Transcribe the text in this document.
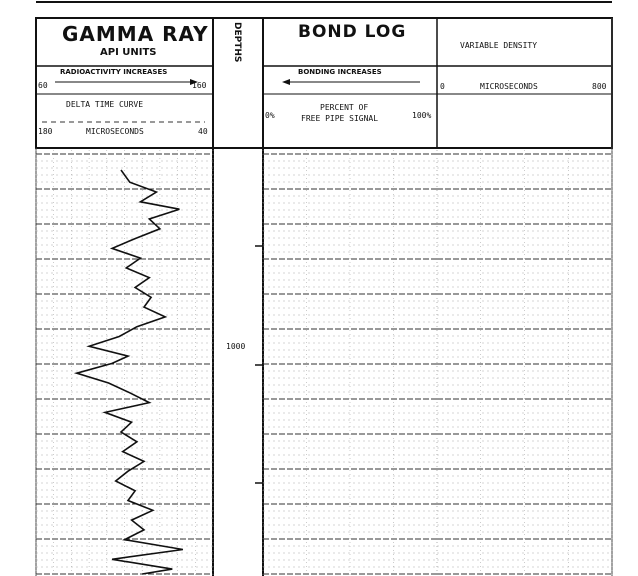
GAMMA RAY
API UNITS
RADIOACTIVITY INCREASES
60	160
DELTA TIME CURVE
180	MICROSECONDS	40
DEPTHS
1000
BOND LOG
BONDING INCREASES
0%
PERCENT OF
FREE PIPE SIGNAL	100%
VARIABLE DENSITY
0	MICROSECONDS	800
